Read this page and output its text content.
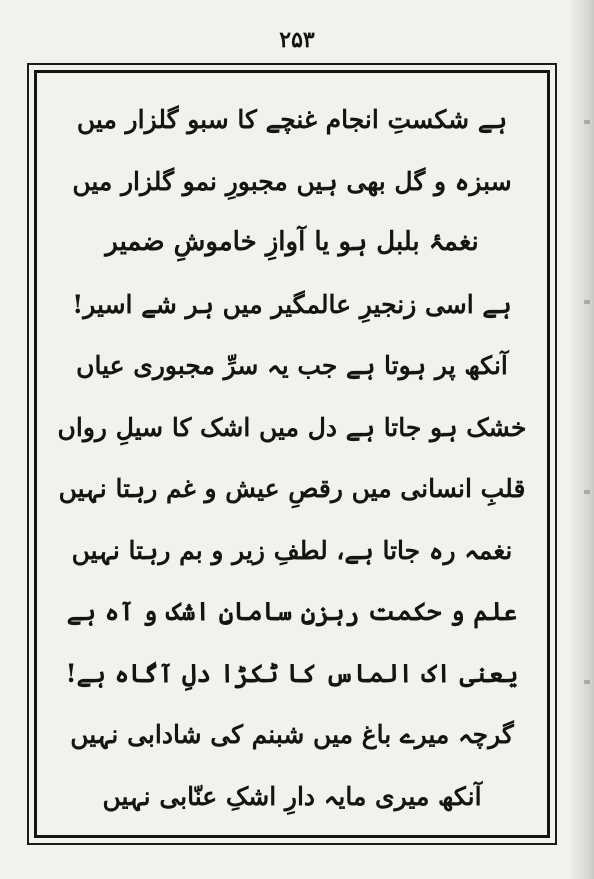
۲۵۳
ہے شکستِ انجام غنچے کا سبو گلزار میں
سبزہ و گل بھی ہیں مجبورِ نمو گلزار میں
نغمۂ بلبل ہو یا آوازِ خاموشِ ضمیر
ہے اسی زنجیرِ عالمگیر میں ہر شے اسیر!
آنکھ پر ہوتا ہے جب یہ سرِّ مجبوری عیاں
خشک ہو جاتا ہے دل میں اشک کا سیلِ رواں
قلبِ انسانی میں رقصِ عیش و غم رہتا نہیں
نغمہ رہ جاتا ہے، لطفِ زیر و بم رہتا نہیں
علم و حکمت رہزنِ سامانِ اشک و آہ ہے
یعنی اک الماس کا ٹکڑا دلِ آگاہ ہے!
گرچہ میرے باغ میں شبنم کی شادابی نہیں
آنکھ میری مایہ دارِ اشکِ عنّابی نہیں
